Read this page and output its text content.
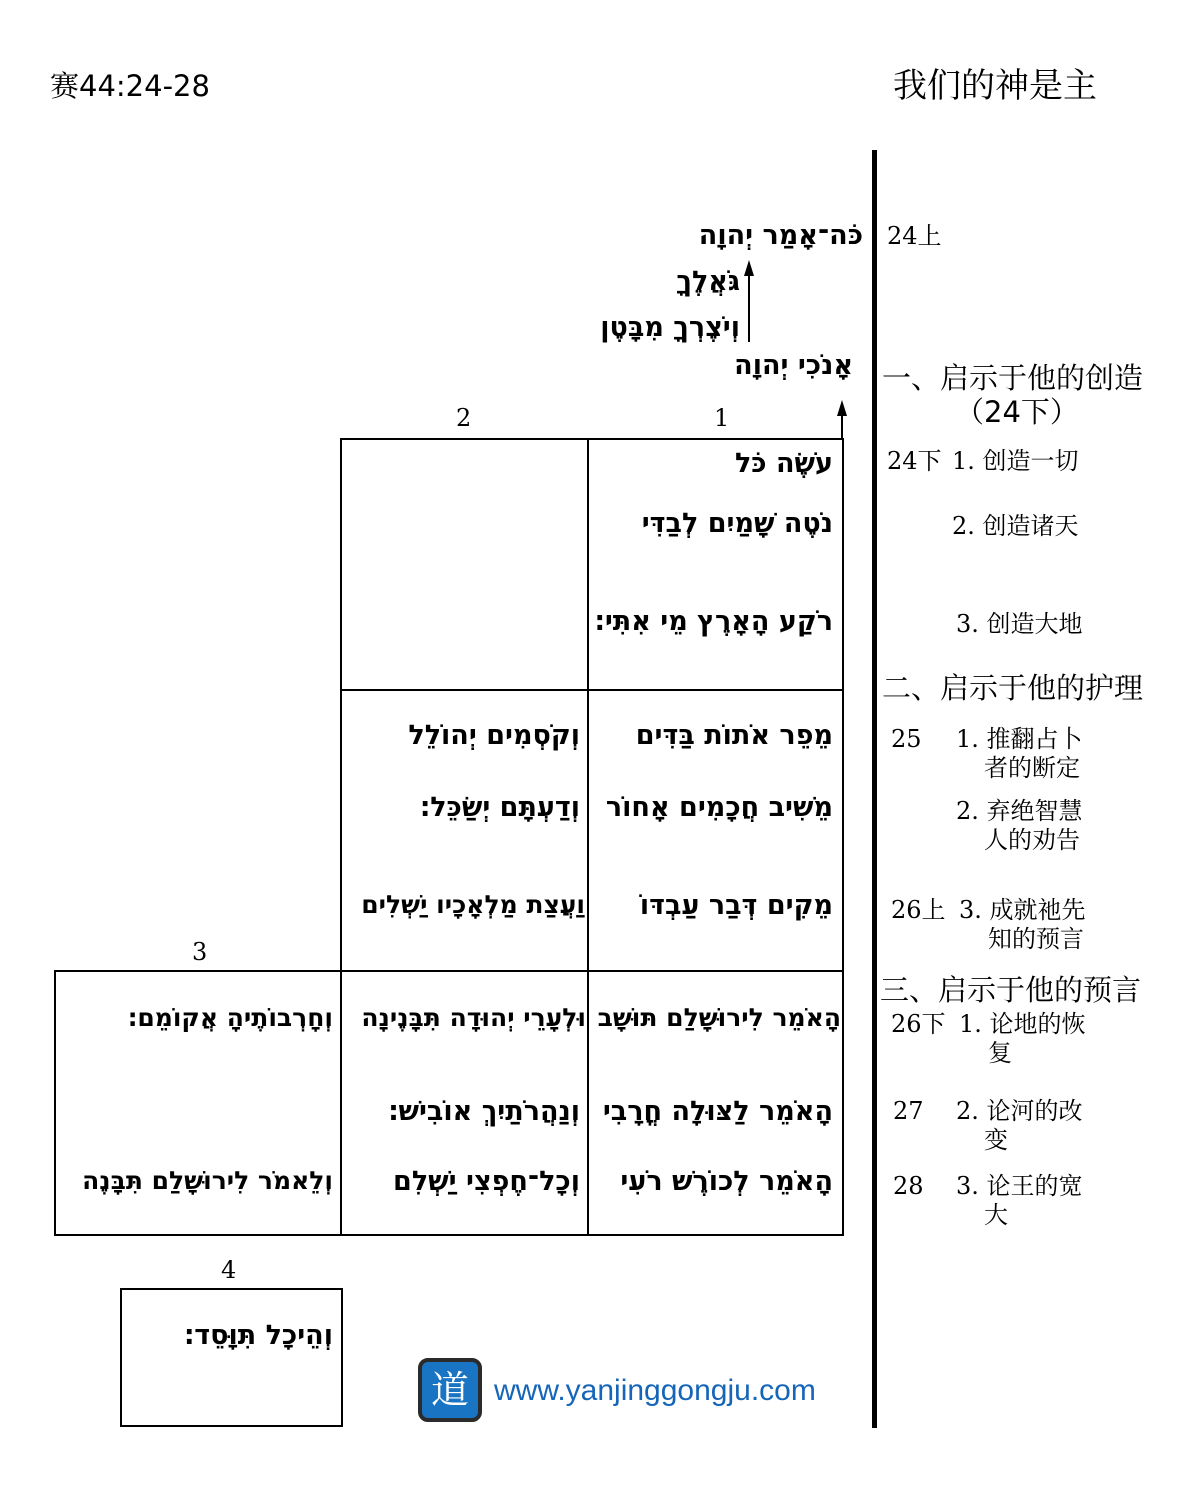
赛44:24-28	我们的神是主
כֹּה־אָמַר יְהוָה
גֹּאֲלֶךָ
וְיֹצֶרְךָ מִבָּטֶן
אָנֹכִי יְהוָה
1
2
3
4
עֹשֶׂה כֹּל
נֹטֶה שָׁמַיִם לְבַדִּי
רֹקַע הָאָרֶץ מֵי אִתִּי׃
מֵפֵר אֹתוֹת בַּדִּים
מֵשִׁיב חֲכָמִים אָחוֹר
מֵקִים דְּבַר עַבְדּוֹ
הָאֹמֵר לִירוּשָׁלַם תּוּשָׁב
הָאֹמֵר לַצּוּלָה חֳרָבִי
הָאֹמֵר לְכוֹרֶשׁ רֹעִי
וְקֹסְמִים יְהוֹלֵל
וְדַעְתָּם יְשַׂכֵּל׃
וַעֲצַת מַלְאָכָיו יַשְׁלִים
וּלְעָרֵי יְהוּדָה תִּבָּנֶינָה
וְנַהֲרֹתַיִךְ אוֹבִישׁ׃
וְכָל־חֶפְצִי יַשְׁלִם
וְחָרְבוֹתֶיהָ אֲקוֹמֵם׃
וְלֵאמֹר לִירוּשָׁלַם תִּבָּנֶה
וְהֵיכָל תִּוָּסֵד׃
24上
一、启示于他的创造
（24下）
24下 1. 创造一切
2. 创造诸天
3. 创造大地
二、启示于他的护理
25 1. 推翻占卜
者的断定
2. 弃绝智慧
人的劝告
26上 3. 成就祂先
知的预言
三、启示于他的预言
26下 1. 论地的恢
复
27 2. 论河的改
变
28 3. 论王的宽
大
道 www.yanjinggongju.com
